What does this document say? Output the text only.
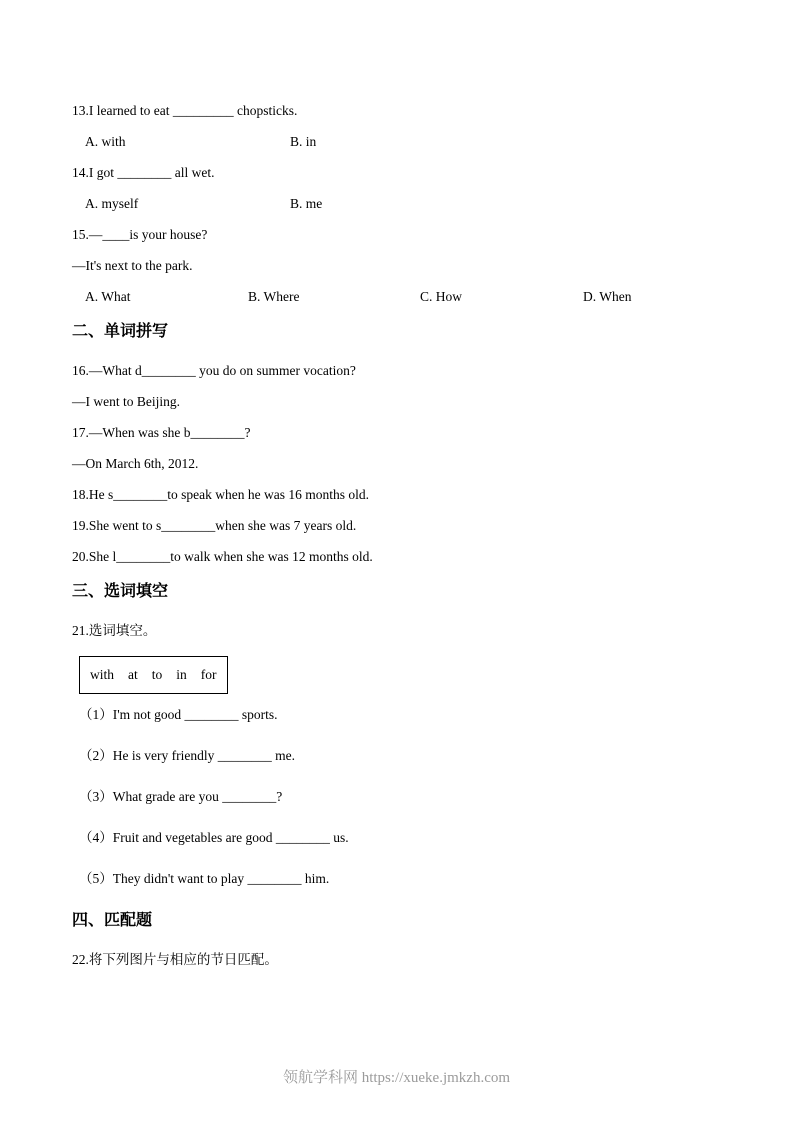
13.I learned to eat _________ chopsticks.
A. with	B. in
14.I got ________ all wet.
A. myself	B. me
15.—____is your house?
—It's next to the park.
A. What	B. Where	C. How	D. When
二、单词拼写
16.—What d________ you do on summer vocation?
—I went to Beijing.
17.—When was she b________?
—On March 6th, 2012.
18.He s________to speak when he was 16 months old.
19.She went to s________when she was 7 years old.
20.She l________to walk when she was 12 months old.
三、选词填空
21.选词填空。
with at to in for
（1）I'm not good ________ sports.
（2）He is very friendly ________ me.
（3）What grade are you ________?
（4）Fruit and vegetables are good ________ us.
（5）They didn't want to play ________ him.
四、匹配题
22.将下列图片与相应的节日匹配。
领航学科网 https://xueke.jmkzh.com
